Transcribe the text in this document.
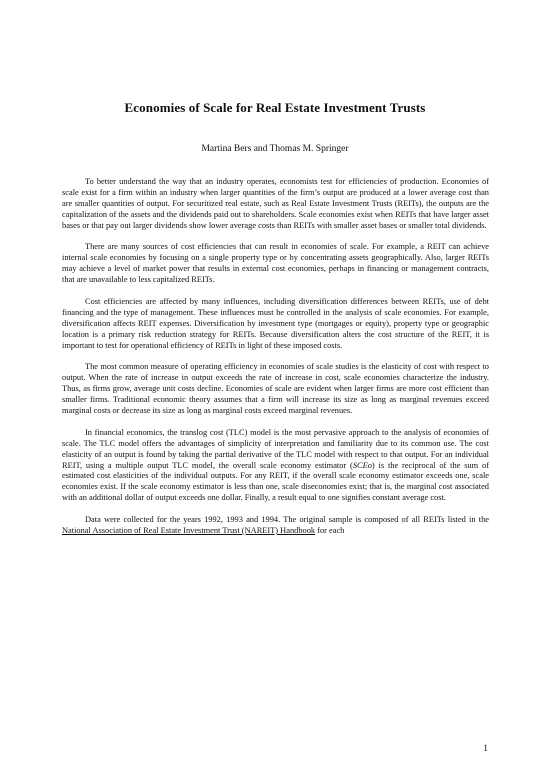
Economies of Scale for Real Estate Investment Trusts
Martina Bers and Thomas M. Springer

To better understand the way that an industry operates, economists test for efficiencies of production. Economies of scale exist for a firm within an industry when larger quantities of the firm’s output are produced at a lower average cost than are smaller quantities of output. For securitized real estate, such as Real Estate Investment Trusts (REITs), the outputs are the capitalization of the assets and the dividends paid out to shareholders. Scale economies exist when REITs that have larger asset bases or that pay out larger dividends show lower average costs than REITs with smaller asset bases or smaller total dividends.

There are many sources of cost efficiencies that can result in economies of scale. For example, a REIT can achieve internal scale economies by focusing on a single property type or by concentrating assets geographically. Also, larger REITs may achieve a level of market power that results in external cost economies, perhaps in financing or management contracts, that are unavailable to less capitalized REITs.

Cost efficiencies are affected by many influences, including diversification differences between REITs, use of debt financing and the type of management. These influences must be controlled in the analysis of scale economies. For example, diversification affects REIT expenses. Diversification by investment type (mortgages or equity), property type or geographic location is a primary risk reduction strategy for REITs. Because diversification alters the cost structure of the REIT, it is important to test for operational efficiency of REITs in light of these imposed costs.

The most common measure of operating efficiency in economies of scale studies is the elasticity of cost with respect to output. When the rate of increase in output exceeds the rate of increase in cost, scale economies characterize the industry. Thus, as firms grow, average unit costs decline. Economies of scale are evident when larger firms are more cost efficient than smaller firms. Traditional economic theory assumes that a firm will increase its size as long as marginal revenues exceed marginal costs or decrease its size as long as marginal costs exceed marginal revenues.

In financial economics, the translog cost (TLC) model is the most pervasive approach to the analysis of economies of scale. The TLC model offers the advantages of simplicity of interpretation and familiarity due to its common use. The cost elasticity of an output is found by taking the partial derivative of the TLC model with respect to that output. For an individual REIT, using a multiple output TLC model, the overall scale economy estimator (SCEo) is the reciprocal of the sum of estimated cost elasticities of the individual outputs. For any REIT, if the overall scale economy estimator exceeds one, scale economies exist. If the scale economy estimator is less than one, scale diseconomies exist; that is, the marginal cost associated with an additional dollar of output exceeds one dollar. Finally, a result equal to one signifies constant average cost.

Data were collected for the years 1992, 1993 and 1994. The original sample is composed of all REITs listed in the National Association of Real Estate Investment Trust (NAREIT) Handbook for each

1
